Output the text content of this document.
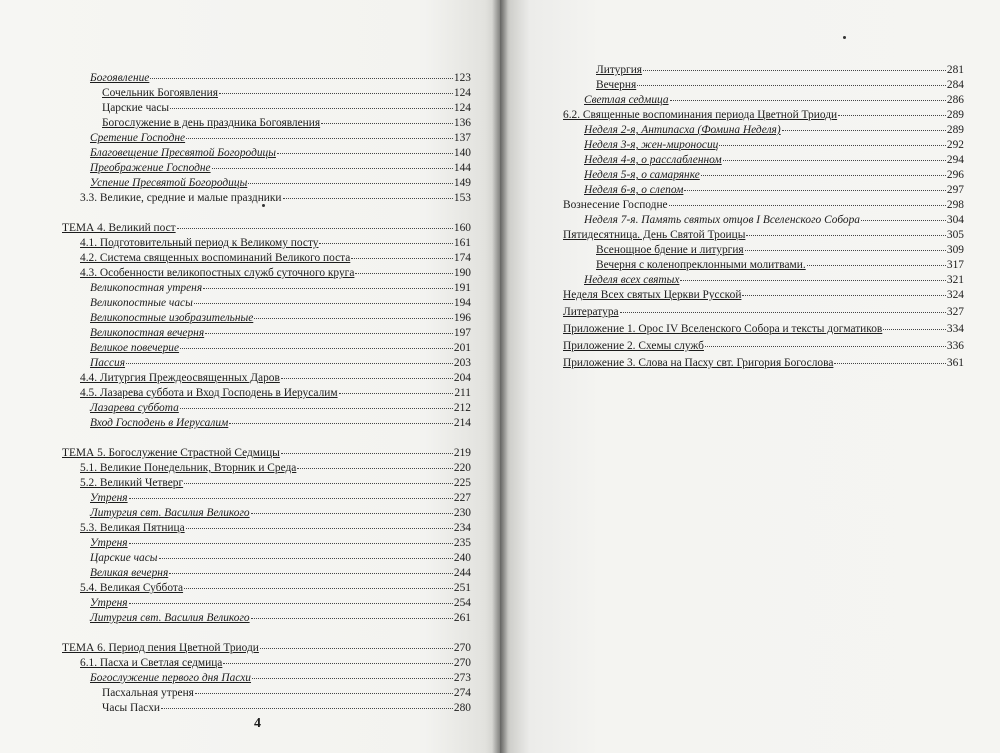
Богоявление	123
Сочельник Богоявления	124
Царские часы	124
Богослужение в день праздника Богоявления	136
Сретение Господне	137
Благовещение Пресвятой Богородицы	140
Преображение Господне	144
Успение Пресвятой Богородицы	149
3.3. Великие, средние и малые праздники	153
ТЕМА 4. Великий пост	160
4.1. Подготовительный период к Великому посту	161
4.2. Система священных воспоминаний Великого поста	174
4.3. Особенности великопостных служб суточного круга	190
Великопостная утреня	191
Великопостные часы	194
Великопостные изобразительные	196
Великопостная вечерня	197
Великое повечерие	201
Пассия	203
4.4. Литургия Преждеосвященных Даров	204
4.5. Лазарева суббота и Вход Господень в Иерусалим	211
Лазарева суббота	212
Вход Господень в Иерусалим	214
ТЕМА 5. Богослужение Страстной Седмицы	219
5.1. Великие Понедельник, Вторник и Среда	220
5.2. Великий Четверг	225
Утреня	227
Литургия свт. Василия Великого	230
5.3. Великая Пятница	234
Утреня	235
Царские часы	240
Великая вечерня	244
5.4. Великая Суббота	251
Утреня	254
Литургия свт. Василия Великого	261
ТЕМА 6. Период пения Цветной Триоди	270
6.1. Пасха и Светлая седмица	270
Богослужение первого дня Пасхи	273
Пасхальная утреня	274
Часы Пасхи	280
4
Литургия	281
Вечерня	284
Светлая седмица	286
6.2. Священные воспоминания периода Цветной Триоди	289
Неделя 2-я, Антипасха (Фомина Неделя)	289
Неделя 3-я, жен-мироносиц	292
Неделя 4-я, о расслабленном	294
Неделя 5-я, о самарянке	296
Неделя 6-я, о слепом	297
Вознесение Господне	298
Неделя 7-я. Память святых отцов I Вселенского Собора	304
Пятидесятница. День Святой Троицы	305
Всенощное бдение и литургия	309
Вечерня с коленопреклонными молитвами.	317
Неделя всех святых	321
Неделя Всех святых Церкви Русской	324
Литература	327
Приложение 1. Орос IV Вселенского Собора и тексты догматиков	334
Приложение 2. Схемы служб	336
Приложение 3. Слова на Пасху свт. Григория Богослова	361
